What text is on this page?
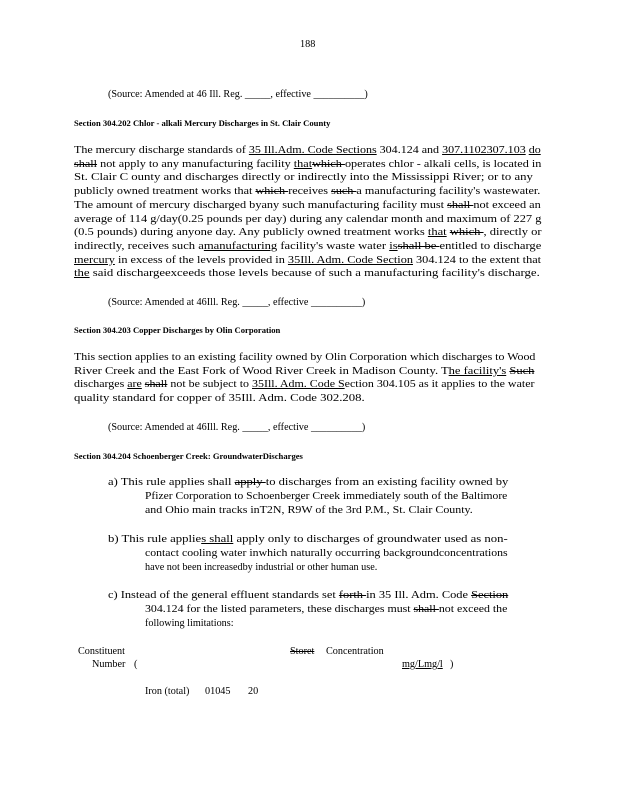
188
(Source: Amended at 46 Ill. Reg. _____, effective __________)
Section 304.202 Chlor - alkali Mercury Discharges in St. Clair County
The mercury discharge standards of 35 Ill.Adm. Code Sections 304.124 and 307.1102307.103 do
shall not apply to any manufacturing facility thatwhich operates chlor - alkali cells, is located in
St. Clair C ounty and discharges directly or indirectly into the Mississippi River; or to any
publicly owned treatment works that which receives such a manufacturing facility's wastewater.
The amount of mercury discharged byany such manufacturing facility must shall not exceed an
average of 114 g/day(0.25 pounds per day) during any calendar month and maximum of 227 g
(0.5 pounds) during anyone day. Any publicly owned treatment works that which , directly or
indirectly, receives such amanufacturing facility's waste water isshall be entitled to discharge
mercury in excess of the levels provided in 35Ill. Adm. Code Section 304.124 to the extent that
the said dischargeexceeds those levels because of such a manufacturing facility's discharge.
(Source: Amended at 46Ill. Reg. _____, effective __________)
Section 304.203 Copper Discharges by Olin Corporation
This section applies to an existing facility owned by Olin Corporation which discharges to Wood
River Creek and the East Fork of Wood River Creek in Madison County. The facility's Such
discharges are shall not be subject to 35Ill. Adm. Code Section 304.105 as it applies to the water
quality standard for copper of 35Ill. Adm. Code 302.208.
(Source: Amended at 46Ill. Reg. _____, effective __________)
Section 304.204 Schoenberger Creek: GroundwaterDischarges
a) This rule applies shall apply to discharges from an existing facility owned by
Pfizer Corporation to Schoenberger Creek immediately south of the Baltimore
and Ohio main tracks inT2N, R9W of the 3rd P.M., St. Clair County.
b) This rule applies shall apply only to discharges of groundwater used as non-
contact cooling water inwhich naturally occurring backgroundconcentrations
have not been increasedby industrial or other human use.
c) Instead of the general effluent standards set forth in 35 Ill. Adm. Code Section
304.124 for the listed parameters, these discharges must shall not exceed the
following limitations:
Constituent	Storet Concentration
Number (	mg/Lmg/l )
Iron (total) 01045 20
